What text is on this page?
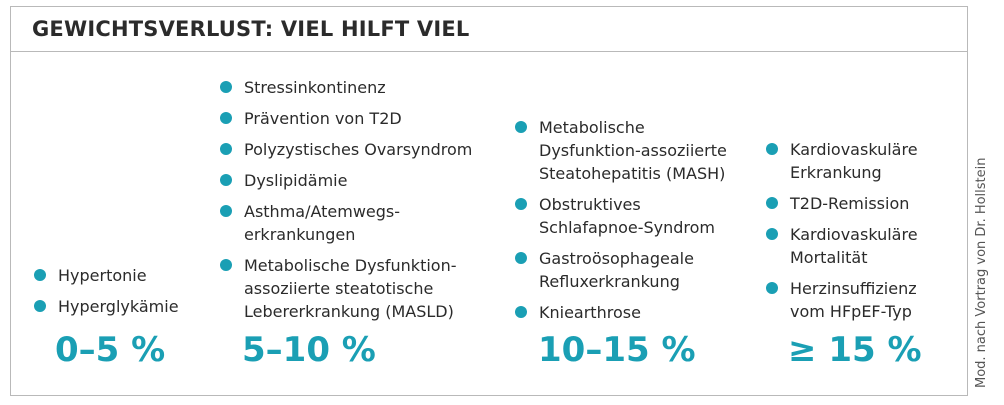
GEWICHTSVERLUST: VIEL HILFT VIEL
Hypertonie
Hyperglykämie
0–5 %
Stressinkontinenz
Prävention von T2D
Polyzystisches Ovarsyndrom
Dyslipidämie
Asthma/Atemwegs-
erkrankungen
Metabolische Dysfunktion-
assoziierte steatotische
Lebererkrankung (MASLD)
5–10 %
Metabolische
Dysfunktion-assoziierte
Steatohepatitis (MASH)
Obstruktives
Schlafapnoe-Syndrom
Gastroösophageale
Refluxerkrankung
Kniearthrose
10–15 %
Kardiovaskuläre
Erkrankung
T2D-Remission
Kardiovaskuläre
Mortalität
Herzinsuffizienz
vom HFpEF-Typ
≥ 15 %	Mod. nach Vortrag von Dr. Hollstein
